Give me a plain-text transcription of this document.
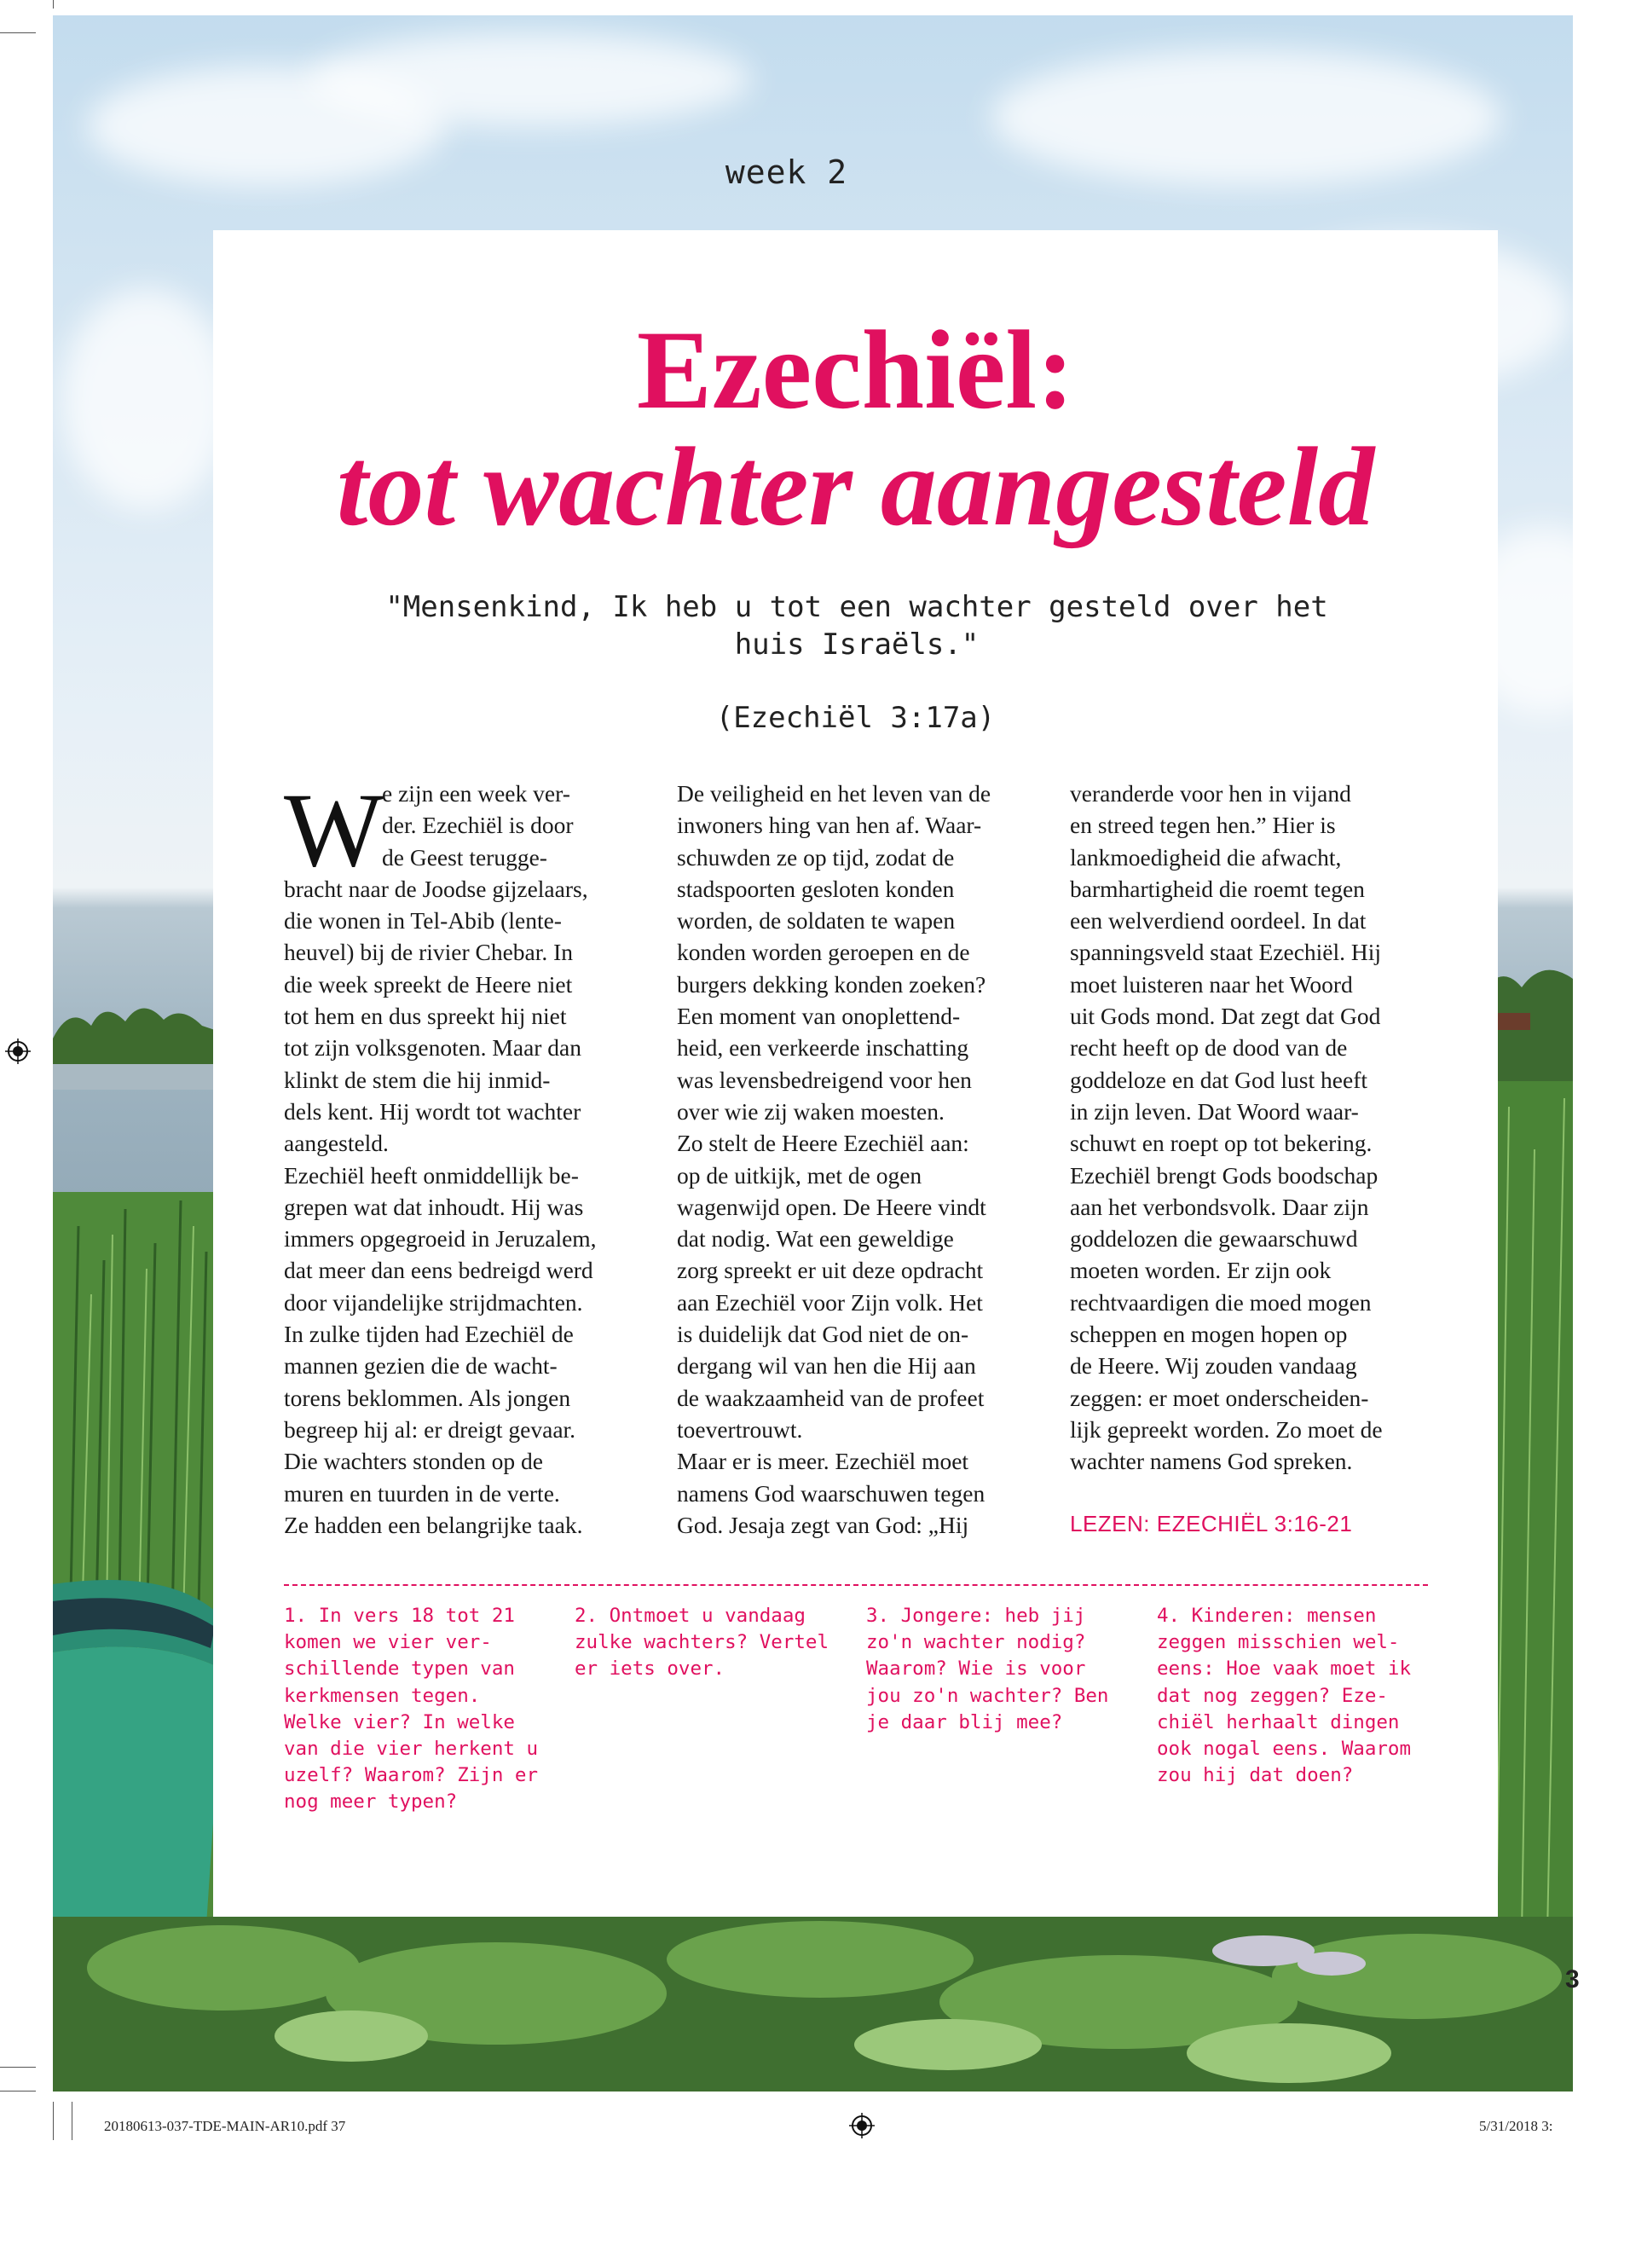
week 2
Ezechiël:
tot wachter aangesteld
"Mensenkind, Ik heb u tot een wachter gesteld over het
huis Israëls."
(Ezechiël 3:17a)
W
e zijn een week ver-
der. Ezechiël is door
de Geest terugge-
bracht naar de Joodse gijzelaars,
die wonen in Tel-Abib (lente-
heuvel) bij de rivier Chebar. In
die week spreekt de Heere niet
tot hem en dus spreekt hij niet
tot zijn volksgenoten. Maar dan
klinkt de stem die hij inmid-
dels kent. Hij wordt tot wachter
aangesteld.
Ezechiël heeft onmiddellijk be-
grepen wat dat inhoudt. Hij was
immers opgegroeid in Jeruzalem,
dat meer dan eens bedreigd werd
door vijandelijke strijdmachten.
In zulke tijden had Ezechiël de
mannen gezien die de wacht-
torens beklommen. Als jongen
begreep hij al: er dreigt gevaar.
Die wachters stonden op de
muren en tuurden in de verte.
Ze hadden een belangrijke taak.
De veiligheid en het leven van de
inwoners hing van hen af. Waar-
schuwden ze op tijd, zodat de
stadspoorten gesloten konden
worden, de soldaten te wapen
konden worden geroepen en de
burgers dekking konden zoeken?
Een moment van onoplettend-
heid, een verkeerde inschatting
was levensbedreigend voor hen
over wie zij waken moesten.
Zo stelt de Heere Ezechiël aan:
op de uitkijk, met de ogen
wagenwijd open. De Heere vindt
dat nodig. Wat een geweldige
zorg spreekt er uit deze opdracht
aan Ezechiël voor Zijn volk. Het
is duidelijk dat God niet de on-
dergang wil van hen die Hij aan
de waakzaamheid van de profeet
toevertrouwt.
Maar er is meer. Ezechiël moet
namens God waarschuwen tegen
God. Jesaja zegt van God: „Hij
veranderde voor hen in vijand
en streed tegen hen.” Hier is
lankmoedigheid die afwacht,
barmhartigheid die roemt tegen
een welverdiend oordeel. In dat
spanningsveld staat Ezechiël. Hij
moet luisteren naar het Woord
uit Gods mond. Dat zegt dat God
recht heeft op de dood van de
goddeloze en dat God lust heeft
in zijn leven. Dat Woord waar-
schuwt en roept op tot bekering.
Ezechiël brengt Gods boodschap
aan het verbondsvolk. Daar zijn
goddelozen die gewaarschuwd
moeten worden. Er zijn ook
rechtvaardigen die moed mogen
scheppen en mogen hopen op
de Heere. Wij zouden vandaag
zeggen: er moet onderscheiden-
lijk gepreekt worden. Zo moet de
wachter namens God spreken.
LEZEN: EZECHIËL 3:16-21
1. In vers 18 tot 21
komen we vier ver-
schillende typen van
kerkmensen tegen.
Welke vier? In welke
van die vier herkent u
uzelf? Waarom? Zijn er
nog meer typen?
2. Ontmoet u vandaag
zulke wachters? Vertel
er iets over.
3. Jongere: heb jij
zo'n wachter nodig?
Waarom? Wie is voor
jou zo'n wachter? Ben
je daar blij mee?
4. Kinderen: mensen
zeggen misschien wel-
eens: Hoe vaak moet ik
dat nog zeggen? Eze-
chiël herhaalt dingen
ook nogal eens. Waarom
zou hij dat doen?
20180613-037-TDE-MAIN-AR10.pdf 37	5/31/2018 3:
3
